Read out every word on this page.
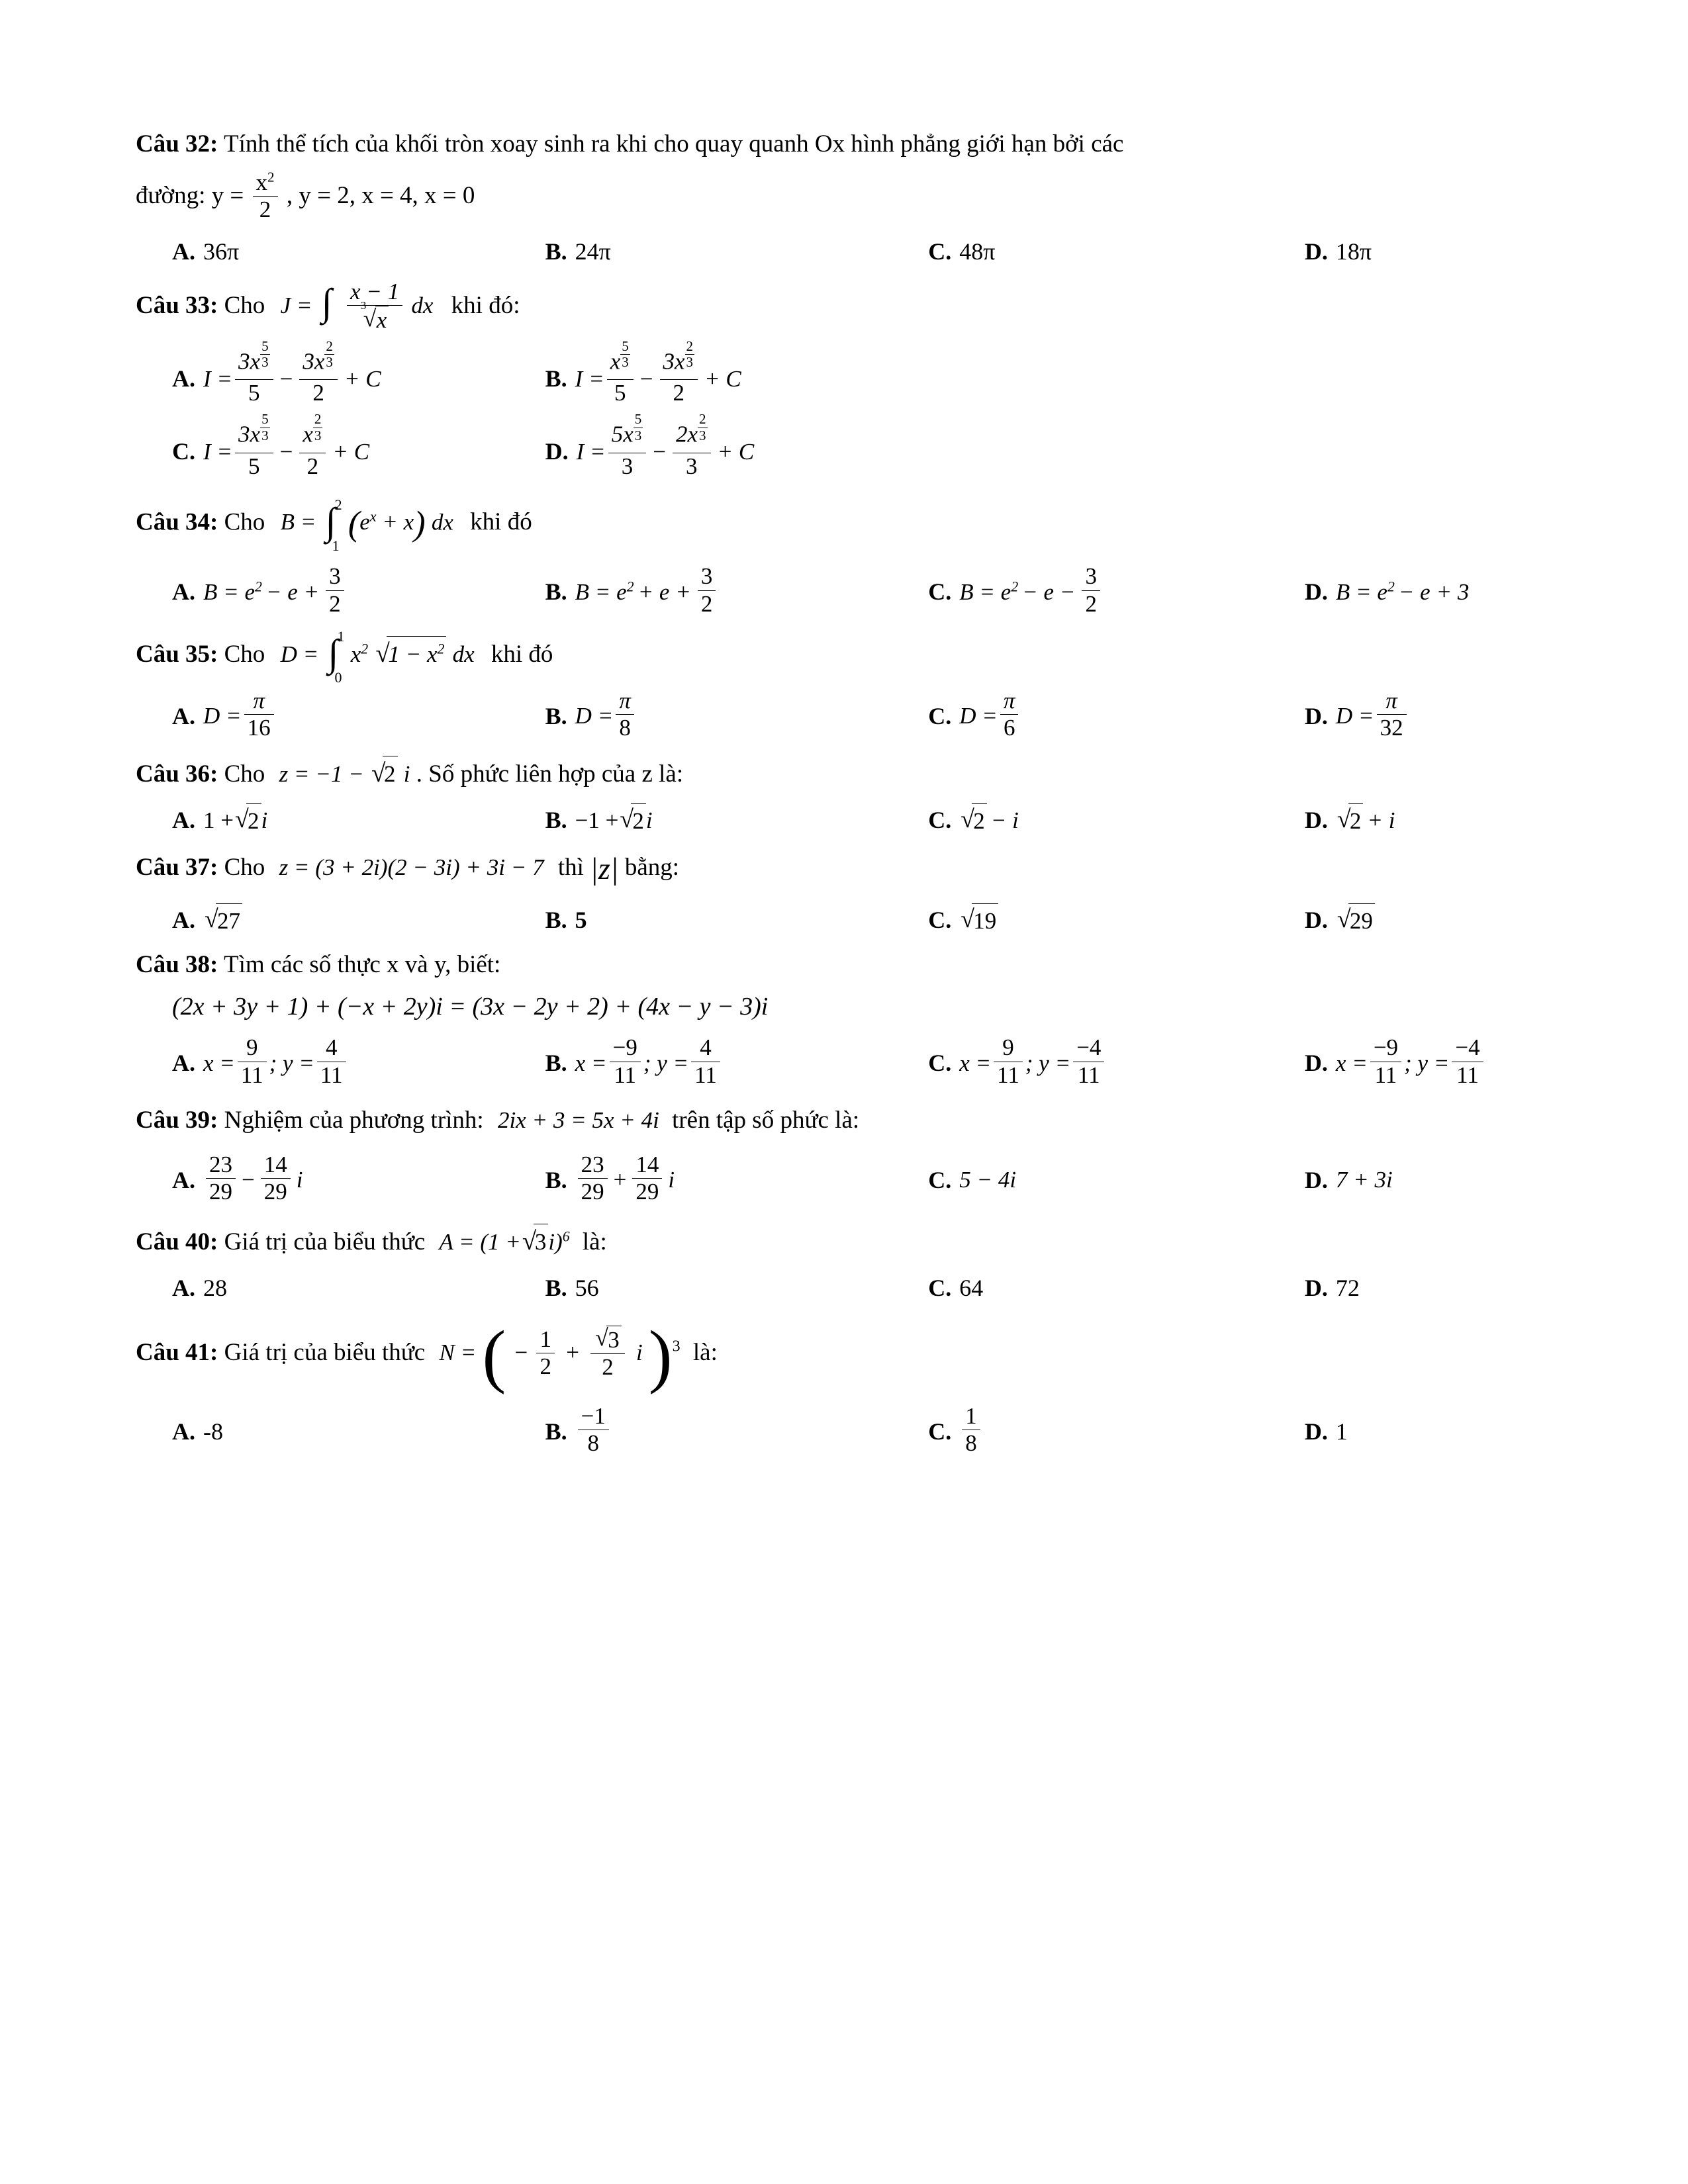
Câu 32: Tính thể tích của khối tròn xoay sinh ra khi cho quay quanh Ox hình phẳng giới hạn bởi các
đường: $y = \frac{x^2}{2}$ , y = 2, x = 4, x = 0
A. 36π	B. 24π	C. 48π	D. 18π
Câu 33: Cho J = ∫
x − 1
√ x 3 dx khi đó:
A. $I = \frac{3x \frac{5}{3}}{5} - \frac{3x \frac{2}{3}}{2} + C$	B. $I = \frac{x \frac{5}{3}}{5} - \frac{3x \frac{2}{3}}{2} + C$
C. $I = \frac{3x \frac{5}{3}}{5} - \frac{x \frac{2}{3}}{2} + C$	D. $I = \frac{5x \frac{5}{3}}{3} - \frac{2x \frac{2}{3}}{3} + C$
Câu 34: Cho B =
2
∫
1
$(e^x + x)$ dx khi đó
A. $B = e^2 - e + \frac{3}{2}$	B. $B = e^2 + e + \frac{3}{2}$	C. $B = e^2 - e - \frac{3}{2}$	D. $B = e^2 - e + 3$
Câu 35: Cho D =
1
∫
0
$x^2$ √ $1 - x^2$ dx khi đó
A. $D = \frac{\pi}{16}$	B. $D = \frac{\pi}{8}$	C. $D = \frac{\pi}{6}$	D. $D = \frac{\pi}{32}$
Câu 36: Cho z = −1 − √ 2 i . Số phức liên hợp của z là:
A. 1 + √ 2 i	B. −1 + √ 2 i	C. √ 2 − i	D. √ 2 + i
Câu 37: Cho z = (3 + 2i)(2 − 3i) + 3i − 7 thì |z| bằng:
A. √ 27	B. 5	C. √ 19	D. √ 29
Câu 38: Tìm các số thực x và y, biết:
(2x + 3y + 1) + (−x + 2y)i = (3x − 2y + 2) + (4x − y − 3)i
A. $x = \frac{9}{11}$ ; $y = \frac{4}{11}$	B. $x = \frac{-9}{11}$ ; $y = \frac{4}{11}$	C. $x = \frac{9}{11}$ ; $y = \frac{-4}{11}$	D. $x = \frac{-9}{11}$ ; $y = \frac{-4}{11}$
Câu 39: Nghiệm của phương trình: 2ix + 3 = 5x + 4i trên tập số phức là:
A. $\frac{23}{29} - \frac{14}{29}$ i	B. $\frac{23}{29} + \frac{14}{29}$ i	C. 5 − 4i	D. 7 + 3i
Câu 40: Giá trị của biểu thức A = (1 + √ 3i)$^6$ là:
A. 28	B. 56	C. 64	D. 72
Câu 41: Giá trị của biểu thức N = ( − $\frac{1}{2}$ + √ $\frac{3}{2}$ i )$^3$ là:
A. -8	B. $\frac{-1}{8}$	C. $\frac{1}{8}$	D. 1
